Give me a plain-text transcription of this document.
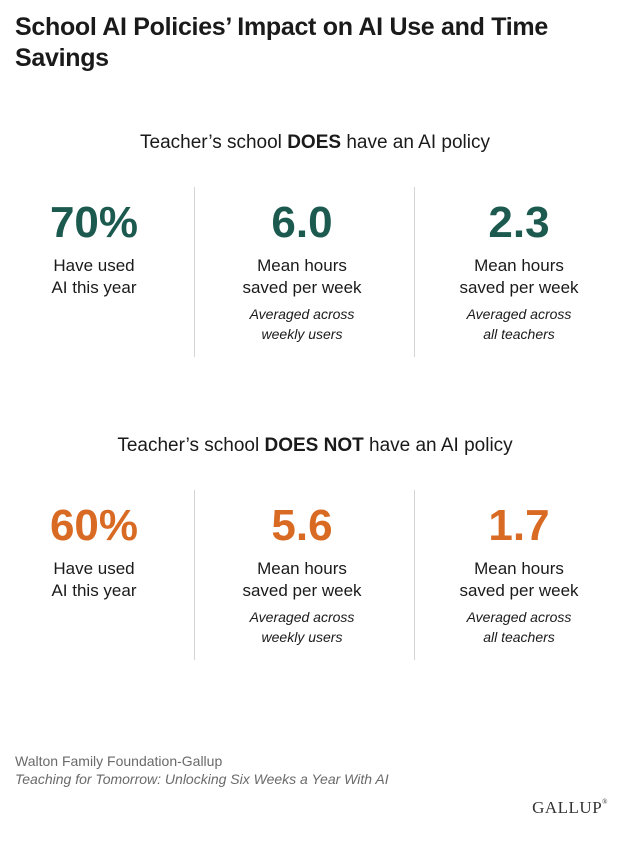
School AI Policies’ Impact on AI Use and Time Savings
Teacher’s school DOES have an AI policy
70%
Have used
AI this year
6.0
Mean hours
saved per week
Averaged across
weekly users
2.3
Mean hours
saved per week
Averaged across
all teachers
Teacher’s school DOES NOT have an AI policy
60%
Have used
AI this year
5.6
Mean hours
saved per week
Averaged across
weekly users
1.7
Mean hours
saved per week
Averaged across
all teachers
Walton Family Foundation-Gallup
Teaching for Tomorrow: Unlocking Six Weeks a Year With AI
GALLUP®
